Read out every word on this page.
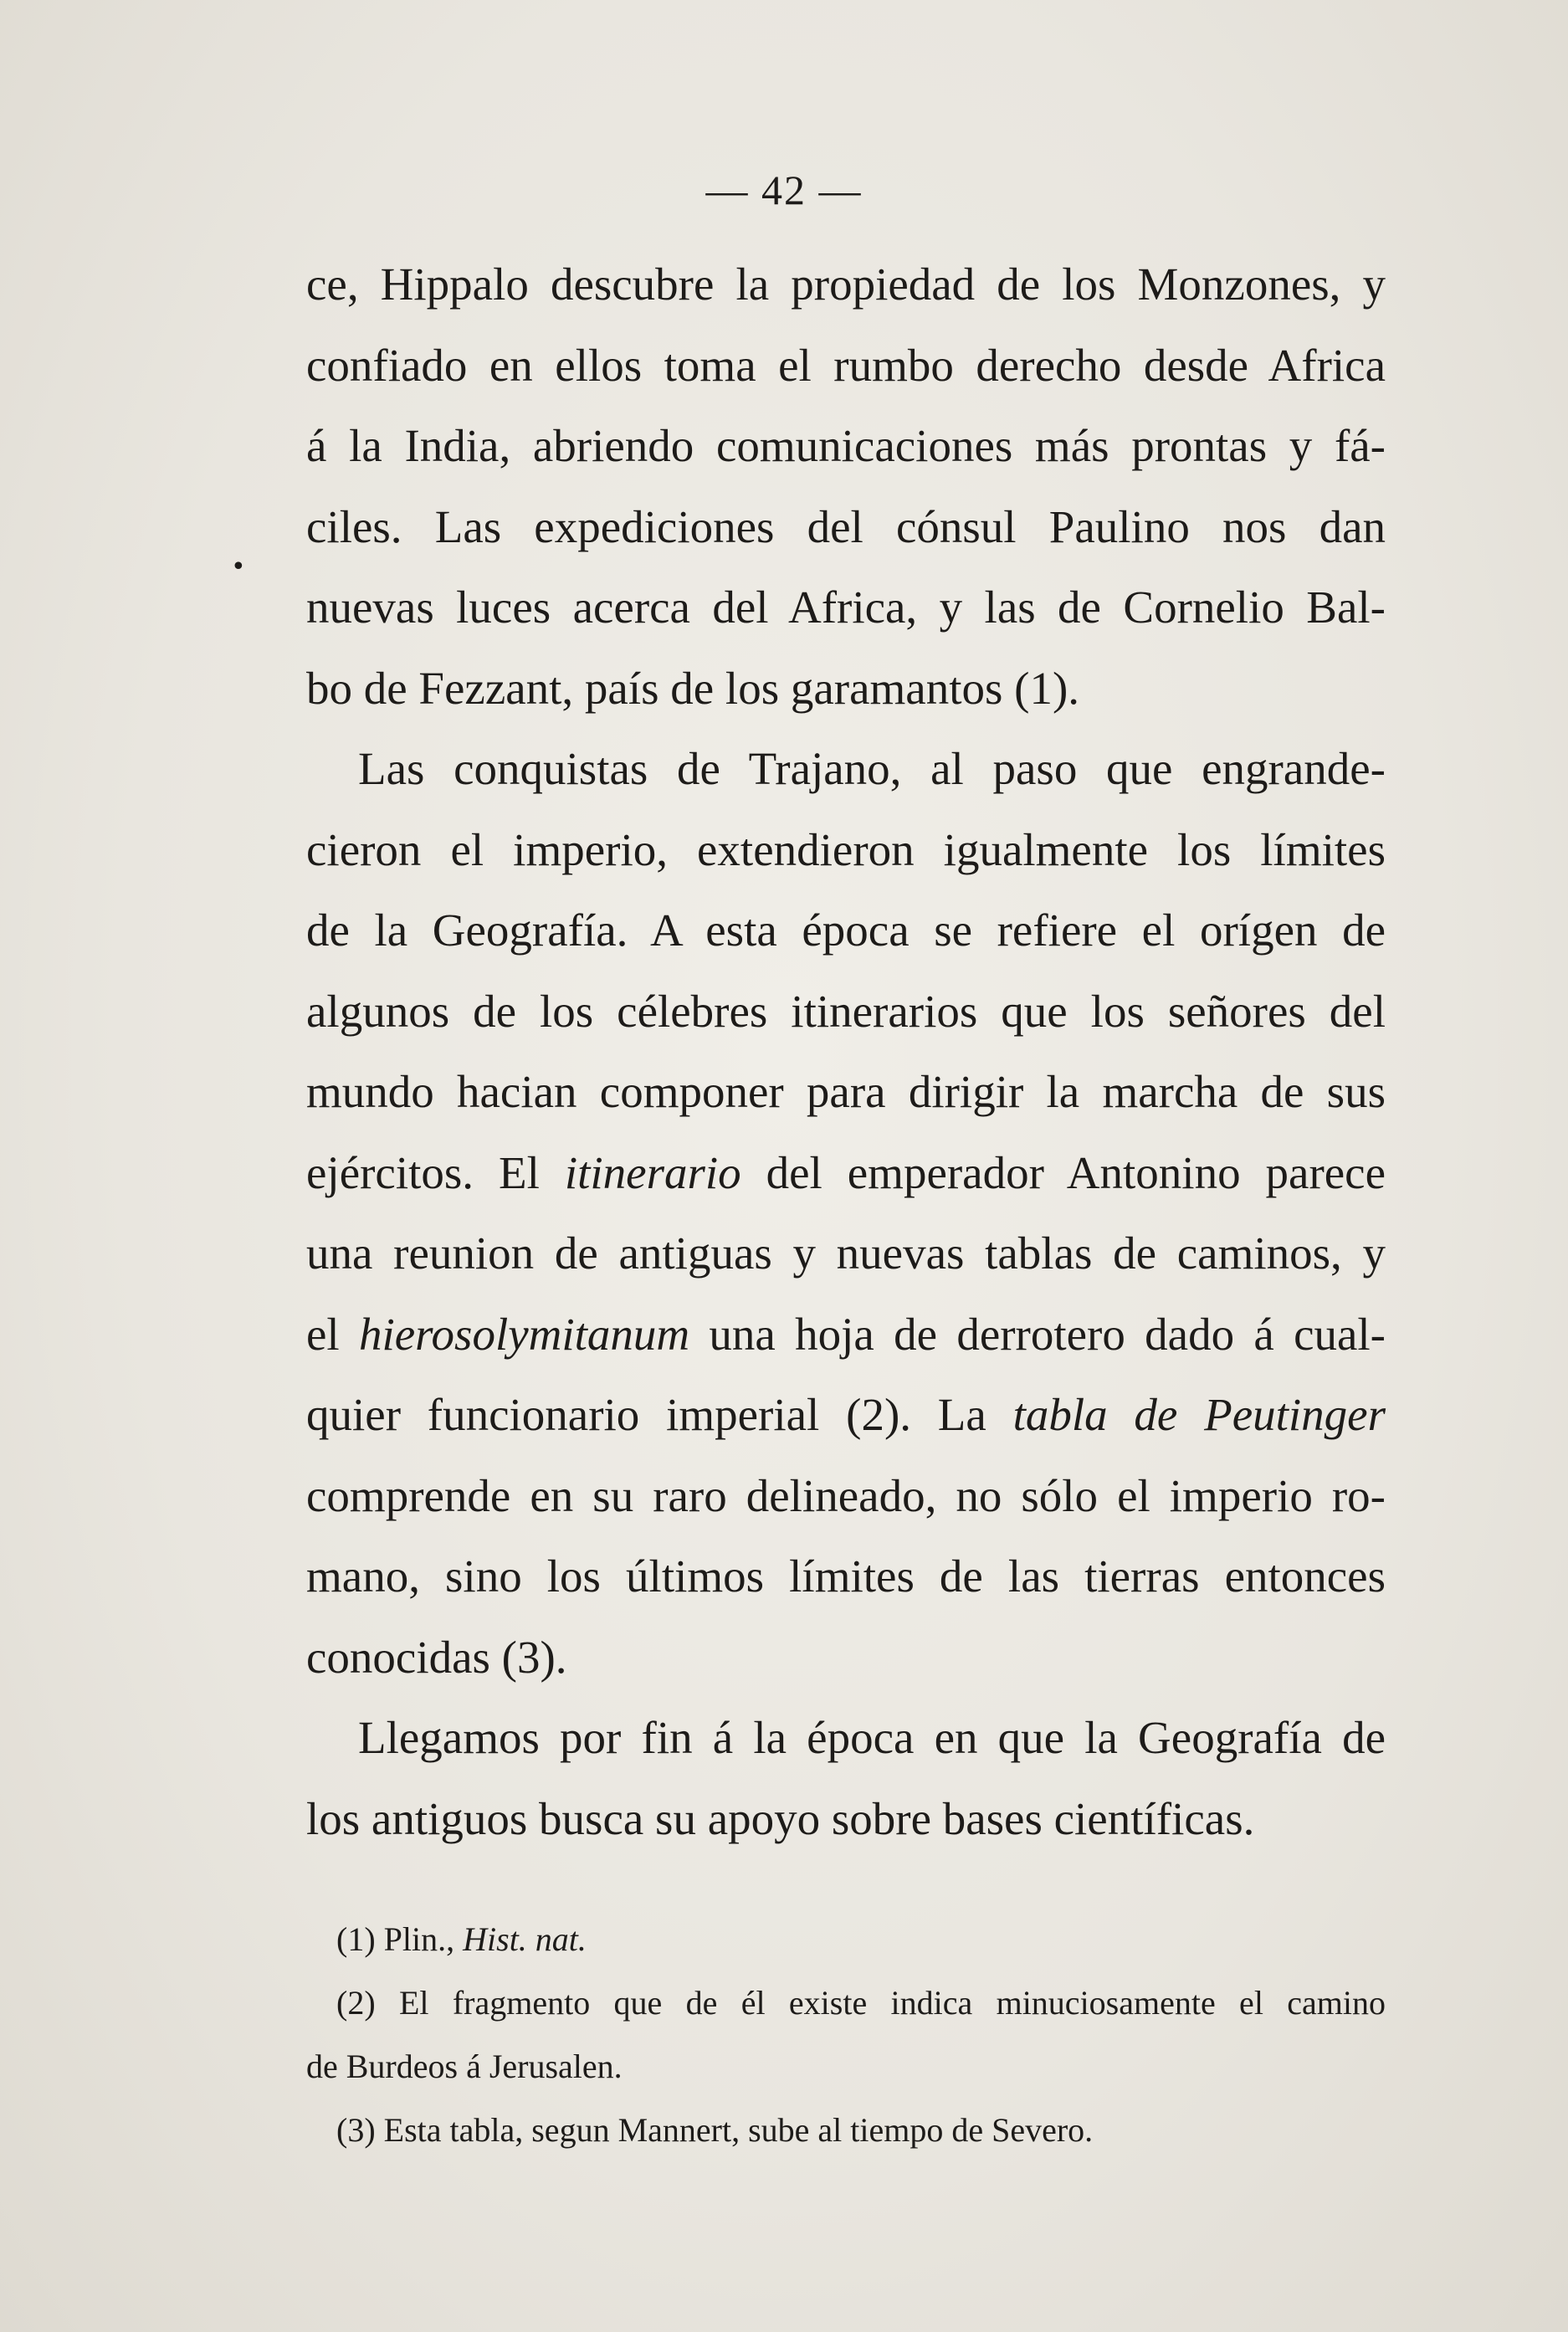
— 42 —
ce, Hippalo descubre la propiedad de los Monzones, y
confiado en ellos toma el rumbo derecho desde Africa
á la India, abriendo comunicaciones más prontas y fá-
ciles. Las expediciones del cónsul Paulino nos dan
nuevas luces acerca del Africa, y las de Cornelio Bal-
bo de Fezzant, país de los garamantos (1).
Las conquistas de Trajano, al paso que engrande-
cieron el imperio, extendieron igualmente los límites
de la Geografía. A esta época se refiere el orígen de
algunos de los célebres itinerarios que los señores del
mundo hacian componer para dirigir la marcha de sus
ejércitos. El itinerario del emperador Antonino parece
una reunion de antiguas y nuevas tablas de caminos, y
el hierosolymitanum una hoja de derrotero dado á cual-
quier funcionario imperial (2). La tabla de Peutinger
comprende en su raro delineado, no sólo el imperio ro-
mano, sino los últimos límites de las tierras entonces
conocidas (3).
Llegamos por fin á la época en que la Geografía de
los antiguos busca su apoyo sobre bases científicas.
(1) Plin., Hist. nat.
(2) El fragmento que de él existe indica minuciosamente el camino
de Burdeos á Jerusalen.
(3) Esta tabla, segun Mannert, sube al tiempo de Severo.
•
